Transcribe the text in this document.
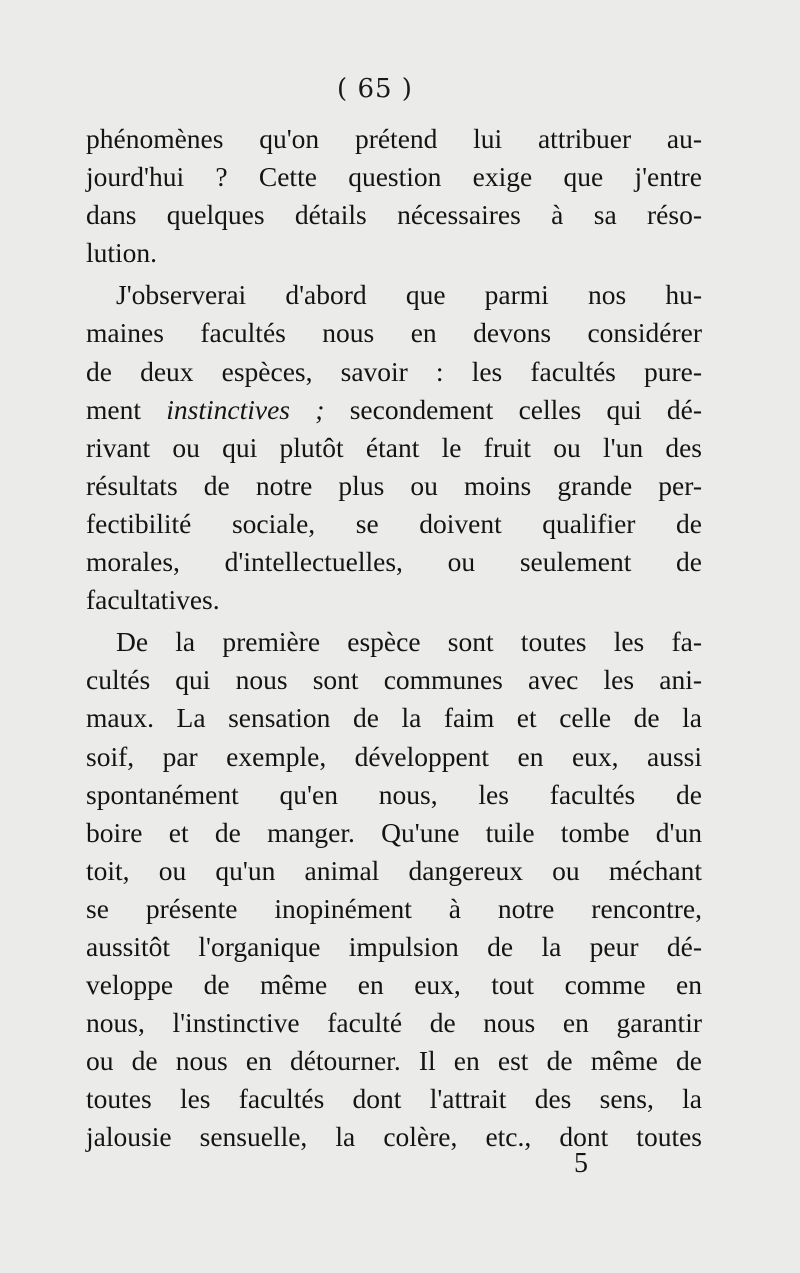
( 65 )
phénomènes qu'on prétend lui attribuer au-
jourd'hui ? Cette question exige que j'entre
dans quelques détails nécessaires à sa réso-
lution.
J'observerai d'abord que parmi nos hu-
maines facultés nous en devons considérer
de deux espèces, savoir : les facultés pure-
ment instinctives ; secondement celles qui dé-
rivant ou qui plutôt étant le fruit ou l'un des
résultats de notre plus ou moins grande per-
fectibilité sociale, se doivent qualifier de
morales, d'intellectuelles, ou seulement de
facultatives.
De la première espèce sont toutes les fa-
cultés qui nous sont communes avec les ani-
maux. La sensation de la faim et celle de la
soif, par exemple, développent en eux, aussi
spontanément qu'en nous, les facultés de
boire et de manger. Qu'une tuile tombe d'un
toit, ou qu'un animal dangereux ou méchant
se présente inopinément à notre rencontre,
aussitôt l'organique impulsion de la peur dé-
veloppe de même en eux, tout comme en
nous, l'instinctive faculté de nous en garantir
ou de nous en détourner. Il en est de même de
toutes les facultés dont l'attrait des sens, la
jalousie sensuelle, la colère, etc., dont toutes
5
